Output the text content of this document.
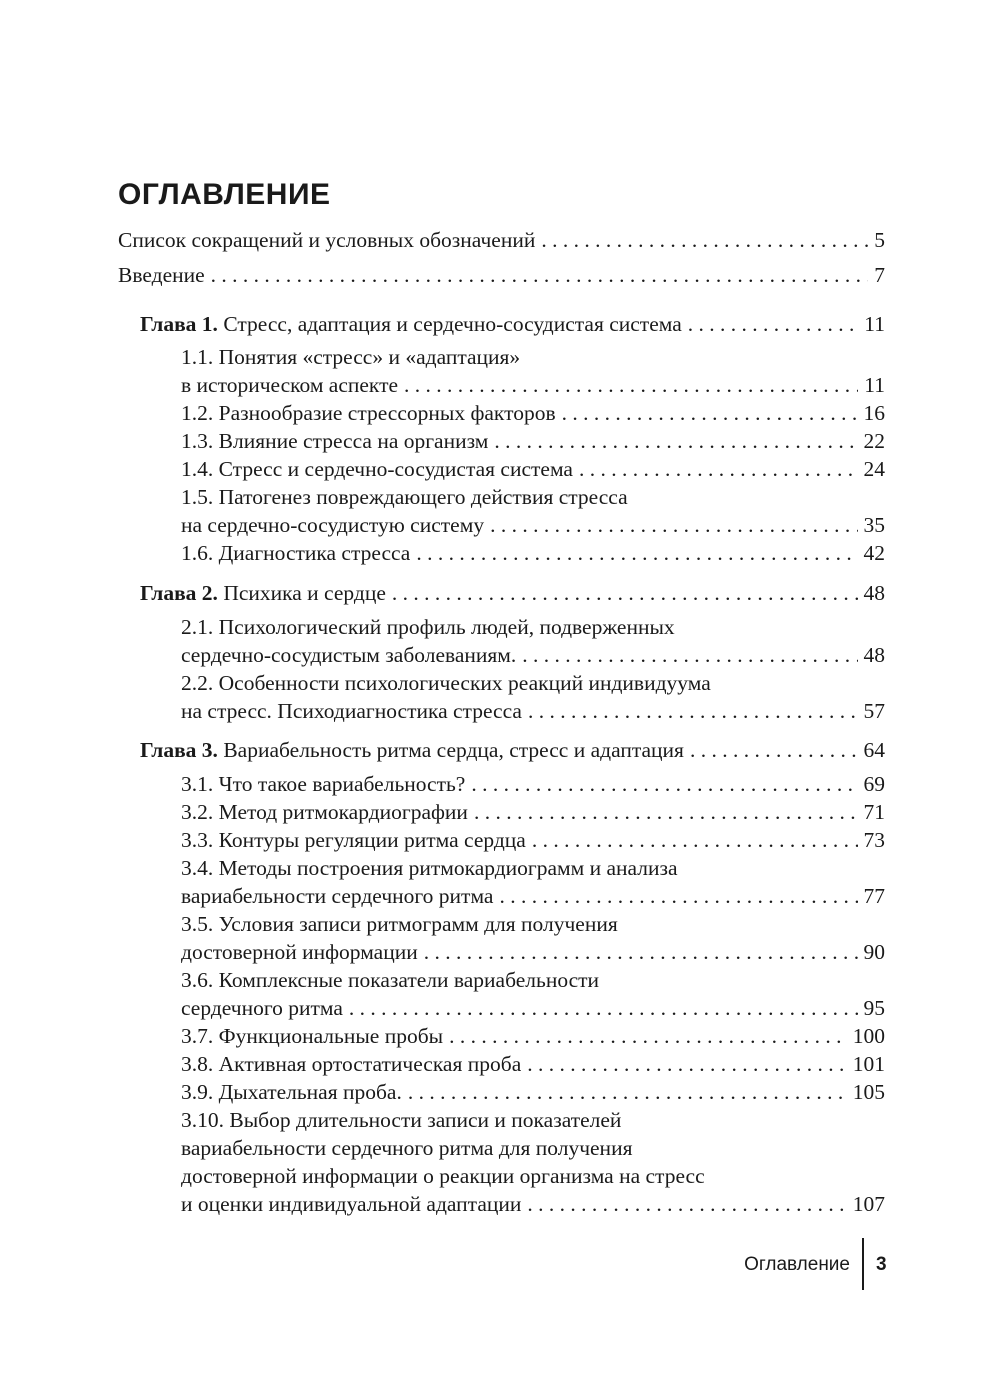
ОГЛАВЛЕНИЕ
Список сокращений и условных обозначений . . .	5
Введение . . .	7
Глава 1. Стресс, адаптация и сердечно-сосудистая система . . .	11
1.1. Понятия «стресс» и «адаптация»
в историческом аспекте . . .	11
1.2. Разнообразие стрессорных факторов . . .	16
1.3. Влияние стресса на организм . . .	22
1.4. Стресс и сердечно-сосудистая система . . .	24
1.5. Патогенез повреждающего действия стресса
на сердечно-сосудистую систему . . .	35
1.6. Диагностика стресса . . .	42
Глава 2. Психика и сердце . . .	48
2.1. Психологический профиль людей, подверженных
сердечно-сосудистым заболеваниям. . . .	48
2.2. Особенности психологических реакций индивидуума
на стресс. Психодиагностика стресса . . .	57
Глава 3. Вариабельность ритма сердца, стресс и адаптация . . .	64
3.1. Что такое вариабельность? . . .	69
3.2. Метод ритмокардиографии . . .	71
3.3. Контуры регуляции ритма сердца . . .	73
3.4. Методы построения ритмокардиограмм и анализа
вариабельности сердечного ритма . . .	77
3.5. Условия записи ритмограмм для получения
достоверной информации . . .	90
3.6. Комплексные показатели вариабельности
сердечного ритма . . .	95
3.7. Функциональные пробы . . .	100
3.8. Активная ортостатическая проба . . .	101
3.9. Дыхательная проба. . . .	105
3.10. Выбор длительности записи и показателей
вариабельности сердечного ритма для получения
достоверной информации о реакции организма на стресс
и оценки индивидуальной адаптации . . .	107
Оглавление 3
